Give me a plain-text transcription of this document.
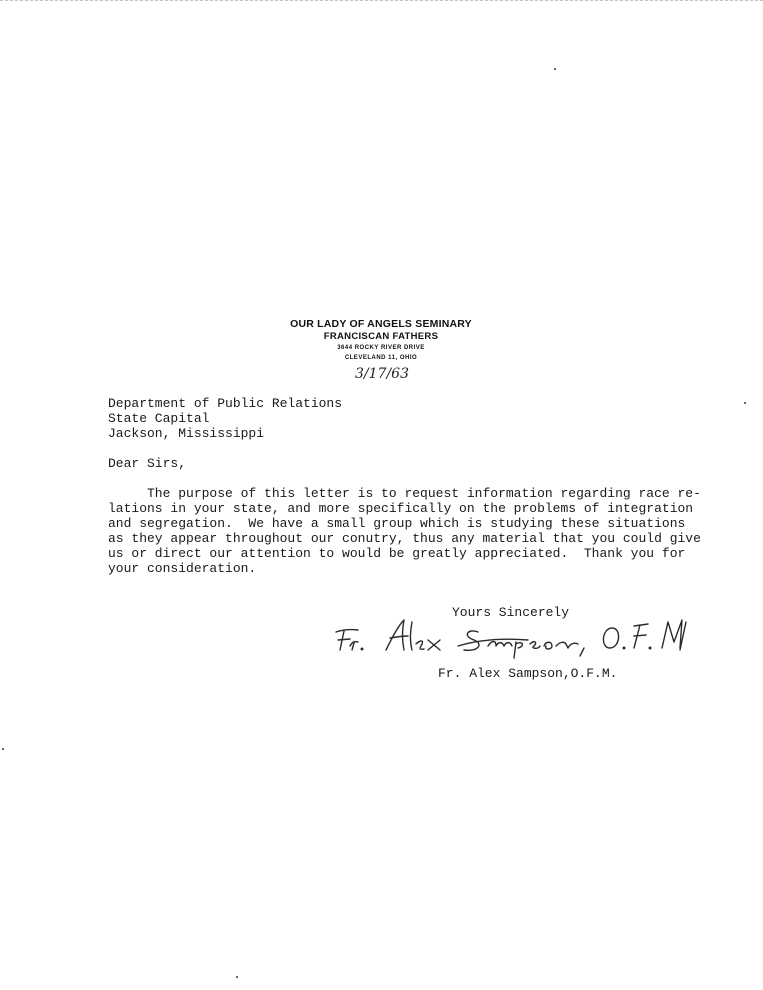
OUR LADY OF ANGELS SEMINARY
FRANCISCAN FATHERS
3644 ROCKY RIVER DRIVE
CLEVELAND 11, OHIO
3/17/63
Department of Public Relations
State Capital
Jackson, Mississippi
Dear Sirs,
The purpose of this letter is to request information regarding race re-
lations in your state, and more specifically on the problems of integration
and segregation.  We have a small group which is studying these situations
as they appear throughout our conutry, thus any material that you could give
us or direct our attention to would be greatly appreciated.  Thank you for
your consideration.
Yours Sincerely
Fr. Alex Sampson,O.F.M.
